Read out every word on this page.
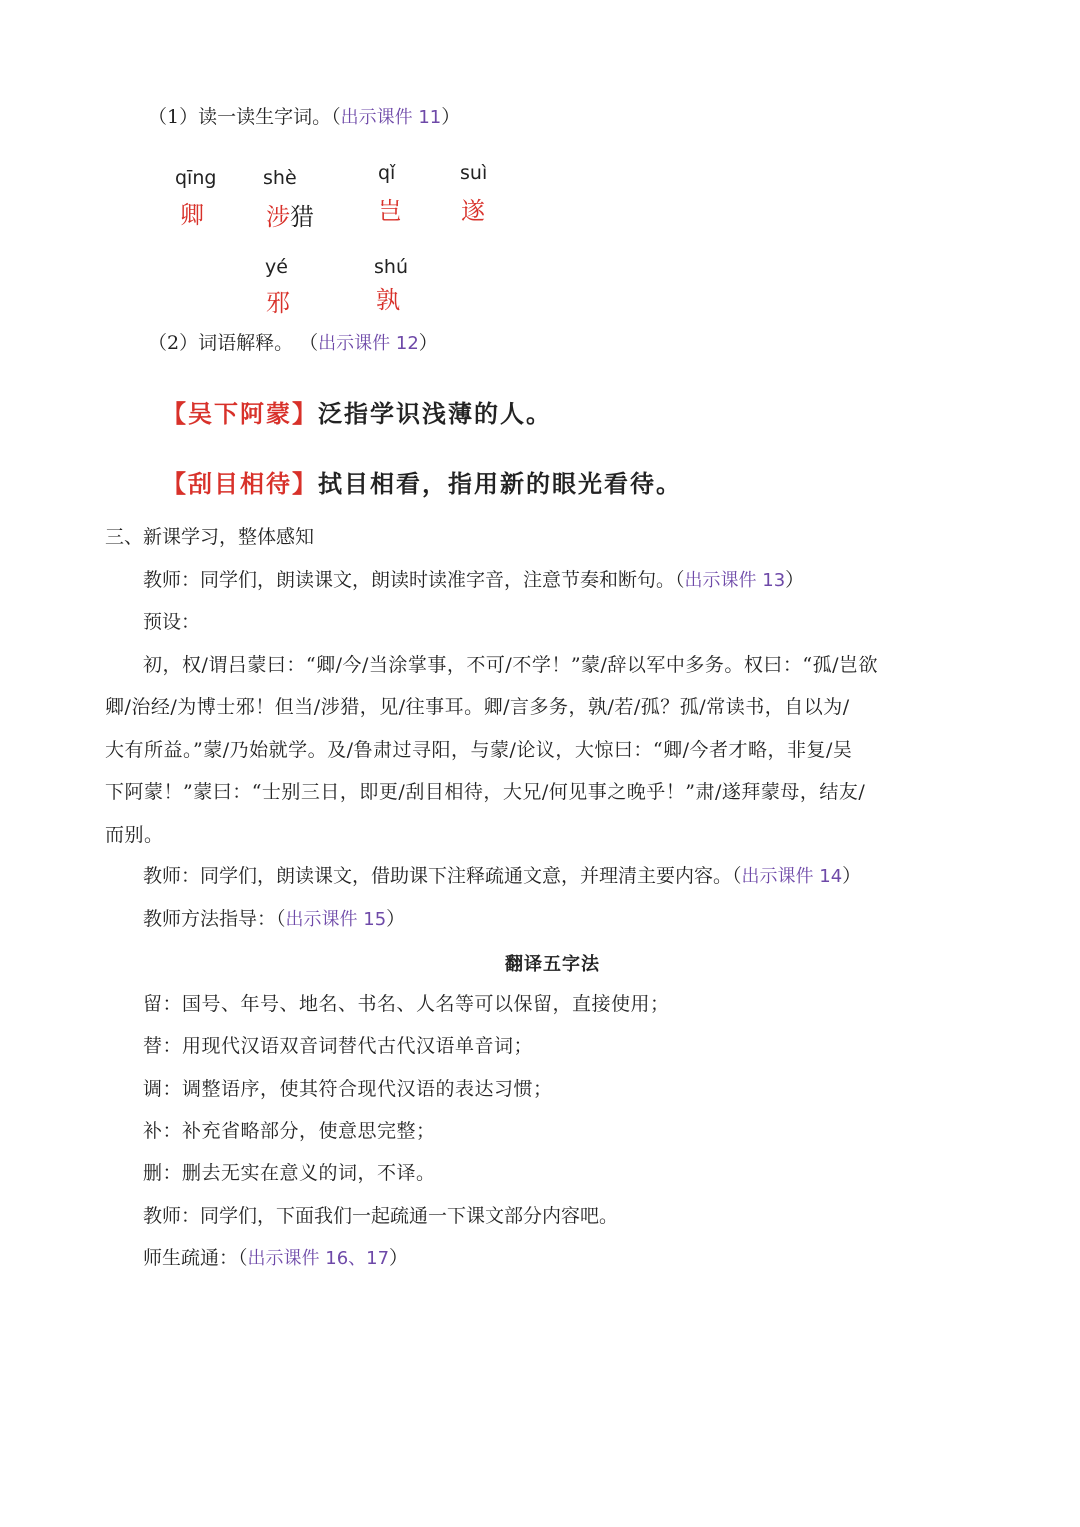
（1）读一读生字词。（出示课件 11）
qīng
卿
shè
涉猎
qǐ
岂
suì
遂
yé
邪
shú
孰
（2）词语解释。 （出示课件 12）
【吴下阿蒙】泛指学识浅薄的人。
【刮目相待】拭目相看，指用新的眼光看待。
三、新课学习，整体感知
教师：同学们，朗读课文，朗读时读准字音，注意节奏和断句。（出示课件 13）
预设：
初，权/谓吕蒙曰：“卿/今/当涂掌事，不可/不学！”蒙/辞以军中多务。权曰：“孤/岂欲
卿/治经/为博士邪！但当/涉猎，见/往事耳。卿/言多务，孰/若/孤？孤/常读书，自以为/
大有所益。”蒙/乃始就学。及/鲁肃过寻阳，与蒙/论议，大惊曰：“卿/今者才略，非复/吴
下阿蒙！”蒙曰：“士别三日，即更/刮目相待，大兄/何见事之晚乎！”肃/遂拜蒙母，结友/
而别。
教师：同学们，朗读课文，借助课下注释疏通文意，并理清主要内容。（出示课件 14）
教师方法指导：（出示课件 15）
翻译五字法
留：国号、年号、地名、书名、人名等可以保留，直接使用；
替：用现代汉语双音词替代古代汉语单音词；
调：调整语序，使其符合现代汉语的表达习惯；
补：补充省略部分，使意思完整；
删：删去无实在意义的词，不译。
教师：同学们，下面我们一起疏通一下课文部分内容吧。
师生疏通：（出示课件 16、17）
